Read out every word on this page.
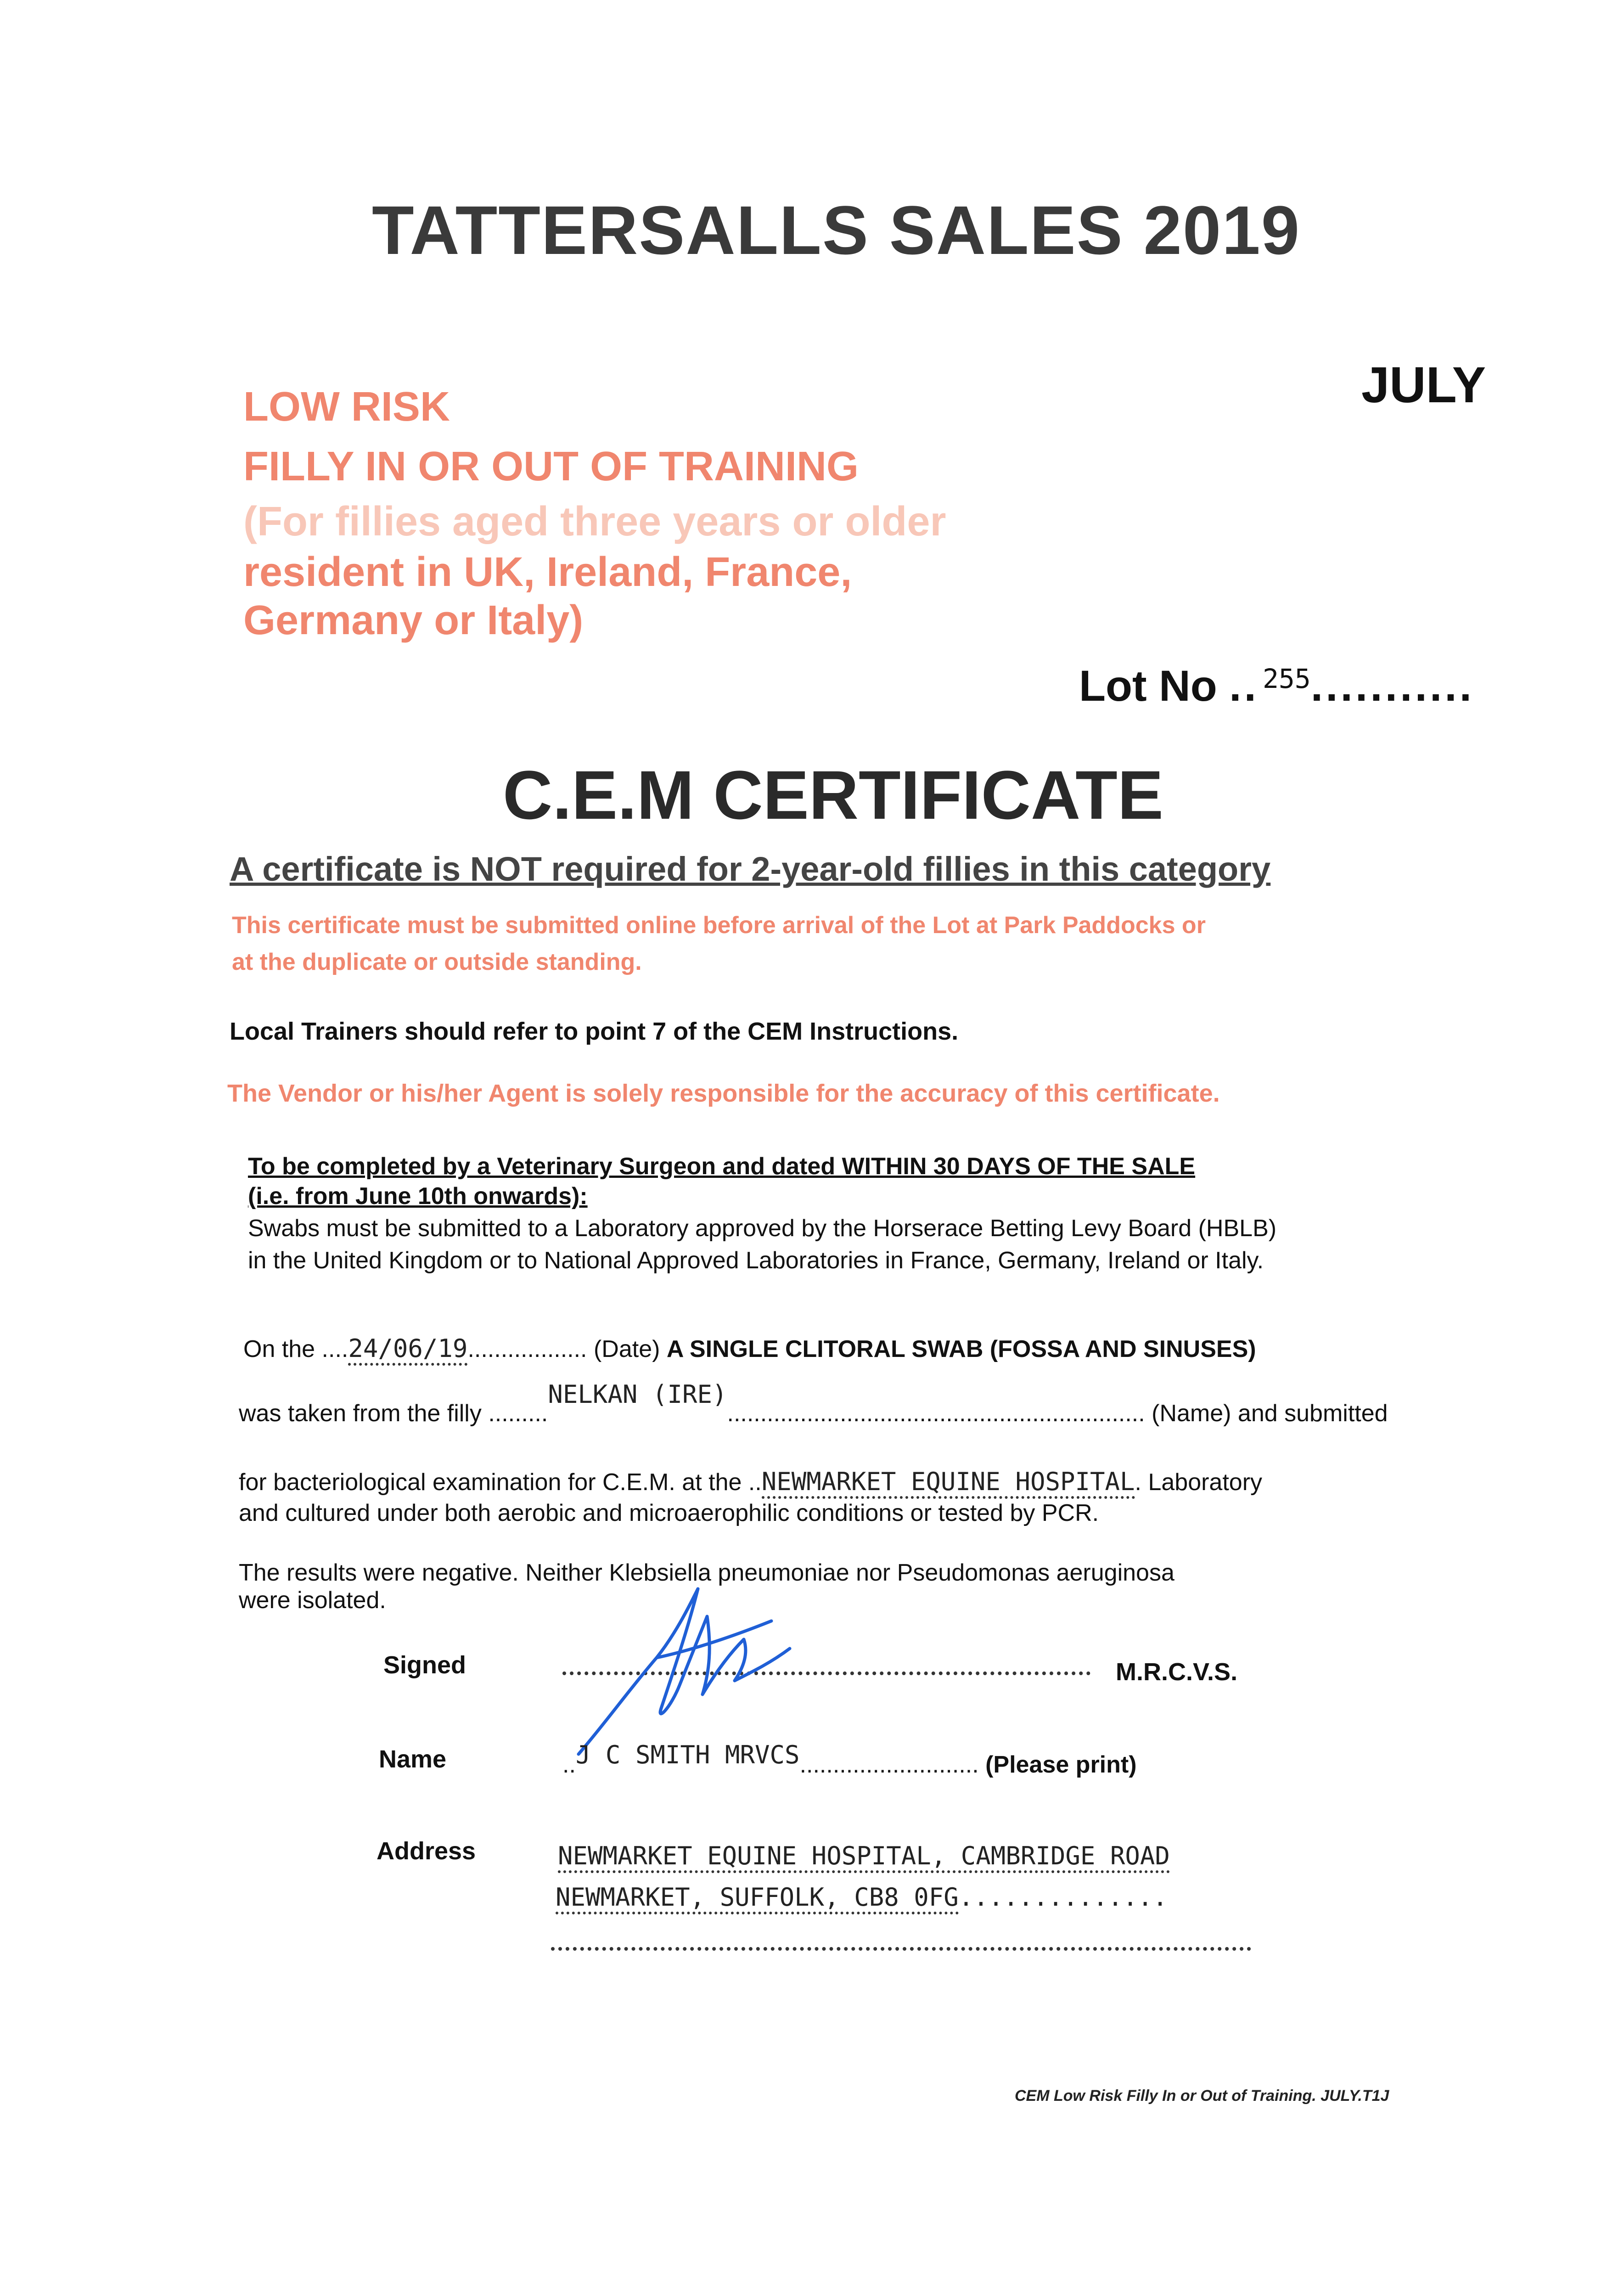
TATTERSALLS SALES 2019
JULY
LOW RISK
FILLY IN OR OUT OF TRAINING
(For fillies aged three years or older
resident in UK, Ireland, France,
Germany or Italy)
Lot No .. $^{255}$...........
C.E.M CERTIFICATE
A certificate is NOT required for 2-year-old fillies in this category
This certificate must be submitted online before arrival of the Lot at Park Paddocks or
at the duplicate or outside standing.
Local Trainers should refer to point 7 of the CEM Instructions.
The Vendor or his/her Agent is solely responsible for the accuracy of this certificate.
To be completed by a Veterinary Surgeon and dated WITHIN 30 DAYS OF THE SALE
(i.e. from June 10th onwards):
Swabs must be submitted to a Laboratory approved by the Horserace Betting Levy Board (HBLB)
in the United Kingdom or to National Approved Laboratories in France, Germany, Ireland or Italy.
On the ....24/06/19.................. (Date) A SINGLE CLITORAL SWAB (FOSSA AND SINUSES)
was taken from the filly .........NELKAN (IRE)............................................................... (Name) and submitted
for bacteriological examination for C.E.M. at the ..NEWMARKET EQUINE HOSPITAL. Laboratory
and cultured under both aerobic and microaerophilic conditions or tested by PCR.
The results were negative. Neither Klebsiella pneumoniae nor Pseudomonas aeruginosa
were isolated.
Signed	M.R.C.V.S.
Name	..J C SMITH MRVCS........................... (Please print)
Address	NEWMARKET EQUINE HOSPITAL, CAMBRIDGE ROAD
NEWMARKET, SUFFOLK, CB8 0FG..............
CEM Low Risk Filly In or Out of Training. JULY.T1J
